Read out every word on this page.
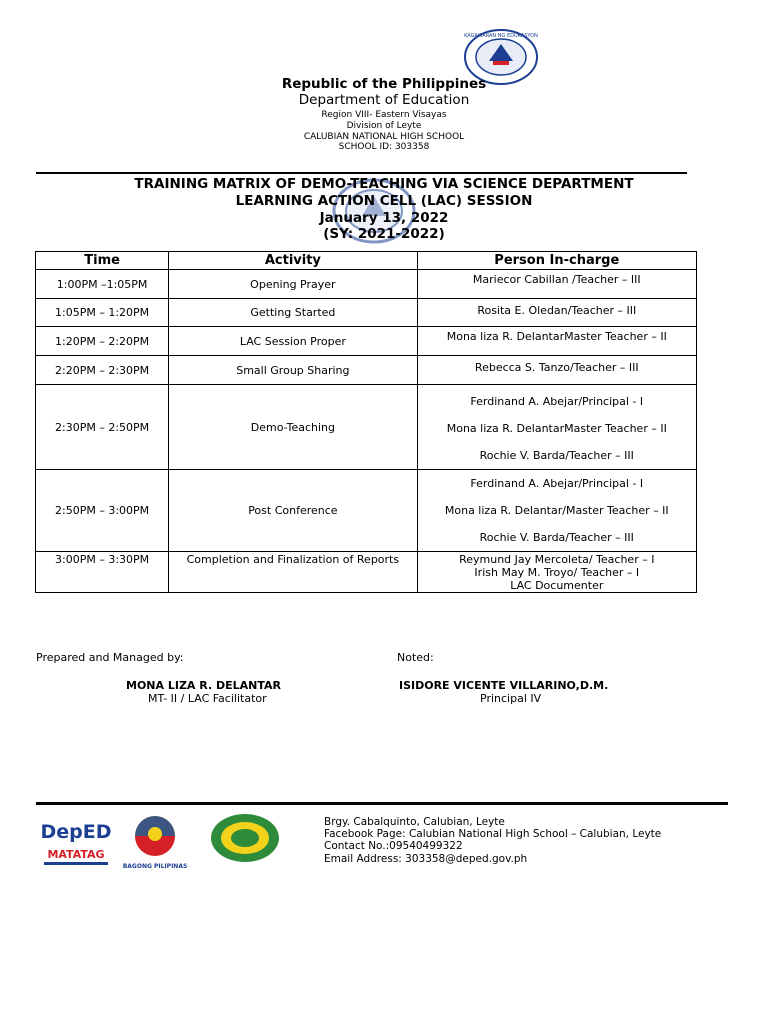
KAGAWARAN NG EDUKASYON
Republic of the Philippines
Department of Education
Region VIII- Eastern Visayas
Division of Leyte
CALUBIAN NATIONAL HIGH SCHOOL
SCHOOL ID: 303358
TRAINING MATRIX OF DEMO-TEACHING VIA SCIENCE DEPARTMENT
LEARNING ACTION CELL (LAC) SESSION
January 13, 2022
(SY: 2021-2022)
Time	Activity	Person In-charge
1:00PM –1:05PM	Opening Prayer	Mariecor Cabillan /Teacher – III

1:05PM – 1:20PM	Getting Started	Rosita E. Oledan/Teacher – III

1:20PM – 2:20PM	LAC Session Proper	Mona liza R. DelantarMaster Teacher – II

2:20PM – 2:30PM	Small Group Sharing	Rebecca S. Tanzo/Teacher – III

2:30PM – 2:50PM	Demo-Teaching	Ferdinand A. Abejar/Principal - I
Mona liza R. DelantarMaster Teacher – II
Rochie V. Barda/Teacher – III

2:50PM – 3:00PM	Post Conference	Ferdinand A. Abejar/Principal - I
Mona liza R. Delantar/Master Teacher – II
Rochie V. Barda/Teacher – III

3:00PM – 3:30PM	Completion and Finalization of Reports	Reymund Jay Mercoleta/ Teacher – I
Irish May M. Troyo/ Teacher – I
LAC Documenter
Prepared and Managed by:
MONA LIZA R. DELANTAR
MT- II / LAC Facilitator
Noted:
ISIDORE VICENTE VILLARINO,D.M.
Principal IV
DepED
MATATAG
BAGONG PILIPINAS
Brgy. Cabalquinto, Calubian, Leyte
Facebook Page: Calubian National High School – Calubian, Leyte
Contact No.:09540499322
Email Address: 303358@deped.gov.ph
